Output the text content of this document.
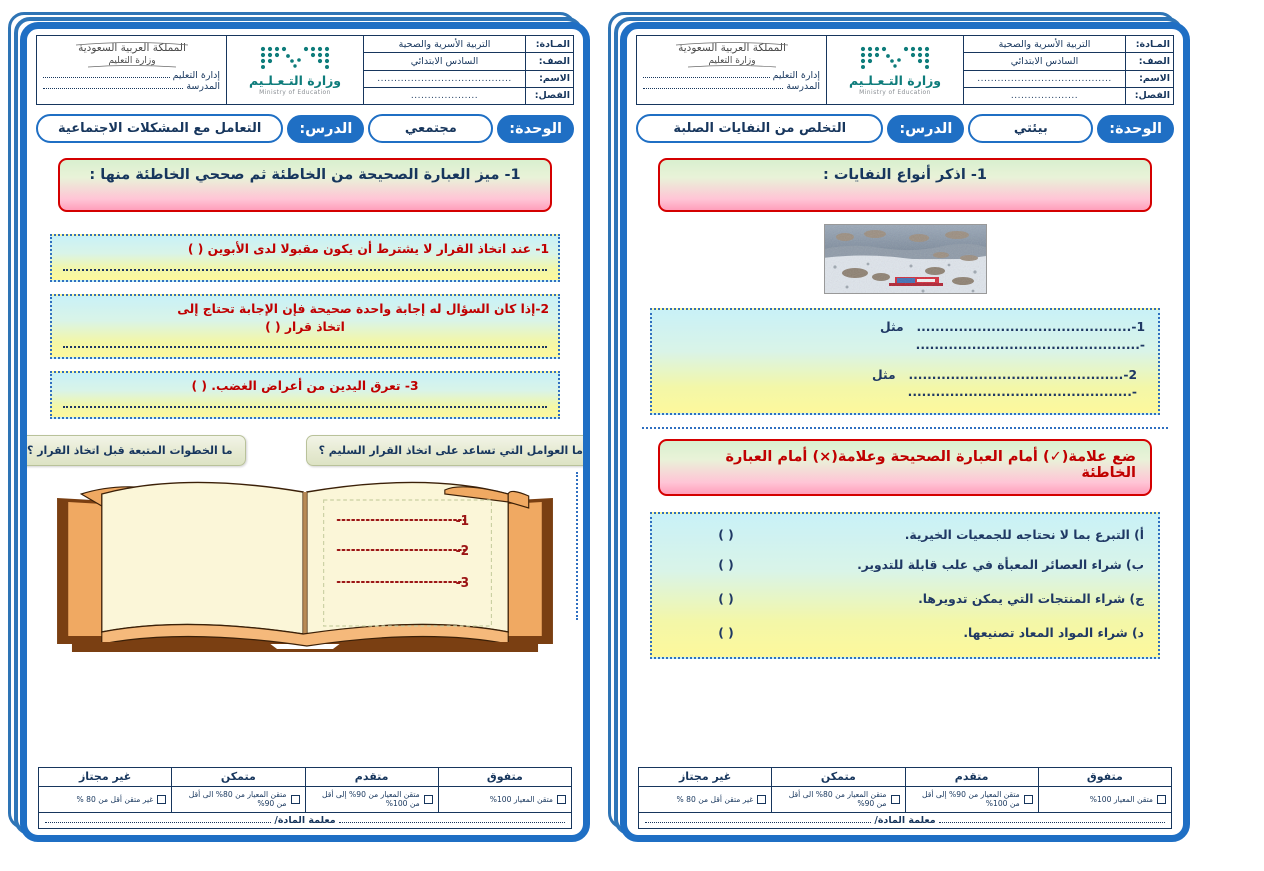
المـادة:
التربية الأسرية والصحية
الصف:
السادس الابتدائي
الاسم:
........................................
الفصل:
....................
وزارة التـعـلـيم
Ministry of Education
المملكة العربية السعودية
وزارة التعليم
إدارة التعليم
المدرسة
الوحدة:
بيئتي
الدرس:
التخلص من النفايات الصلبة
1- اذكر أنواع النفايات :
1-..............................................   مثل -................................................
2-..............................................   مثل -................................................
ضع علامة(✓) أمام العبارة الصحيحة وعلامة(×) أمام العبارة الخاطئة
أ) التبرع بما لا نحتاجه للجمعيات الخيرية.
( )
ب) شراء العصائر المعبأة في علب قابلة للتدوير.
( )
ج) شراء المنتجات التي يمكن تدويرها.
( )
د) شراء المواد المعاد تصنيعها.
( )
متفوق
متقدم
متمكن
غير مجتاز
متقن المعيار 100%
متقن المعيار من 90% إلى أقل من 100%
متقن المعيار من 80% الى أقل من 90%
غير متقن أقل من 80 %
معلمة المادة/
المـادة:
التربية الأسرية والصحية
الصف:
السادس الابتدائي
الاسم:
........................................
الفصل:
....................
وزارة التـعـلـيم
Ministry of Education
المملكة العربية السعودية
وزارة التعليم
إدارة التعليم
المدرسة
الوحدة:
مجتمعي
الدرس:
التعامل مع المشكلات الاجتماعية
1- ميز العبارة الصحيحة من الخاطئة ثم صححي الخاطئة منها :
1- عند اتخاذ القرار لا يشترط أن يكون مقبولا لدى الأبوين ( )
2-إذا كان السؤال له إجابة واحدة صحيحة فإن الإجابة تحتاج إلى
اتخاذ قرار ( )
3- تعرق اليدين من أعراض الغضب. ( )
ما العوامل التي تساعد على اتخاذ القرار السليم ؟
ما الخطوات المتبعة قبل اتخاذ القرار ؟
1-
2-
3-
متفوق
متقدم
متمكن
غير مجتاز
متقن المعيار 100%
متقن المعيار من 90% إلى أقل من 100%
متقن المعيار من 80% الى أقل من 90%
غير متقن أقل من 80 %
معلمة المادة/
